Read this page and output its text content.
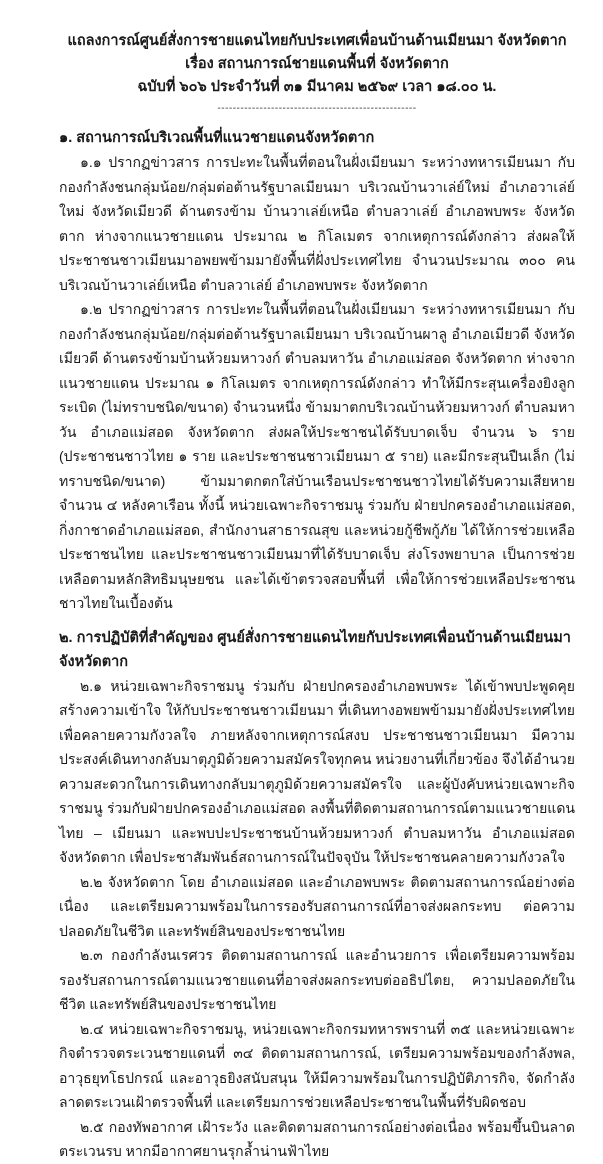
แถลงการณ์ศูนย์สั่งการชายแดนไทยกับประเทศเพื่อนบ้านด้านเมียนมา จังหวัดตาก
เรื่อง สถานการณ์ชายแดนพื้นที่ จังหวัดตาก
ฉบับที่ ๖๐๖ ประจำวันที่ ๓๑ มีนาคม ๒๕๖๙ เวลา ๑๘.๐๐ น.
----------------------------------------------------
๑. สถานการณ์บริเวณพื้นที่แนวชายแดนจังหวัดตาก

๑.๑ ปรากฏข่าวสาร การปะทะในพื้นที่ตอนในฝั่งเมียนมา ระหว่างทหารเมียนมา กับกองกำลังชนกลุ่มน้อย/กลุ่มต่อต้านรัฐบาลเมียนมา บริเวณบ้านวาเล่ย์ใหม่ อำเภอวาเล่ย์ใหม่ จังหวัดเมียวดี ด้านตรงข้าม บ้านวาเล่ย์เหนือ ตำบลวาเล่ย์ อำเภอพบพระ จังหวัดตาก ห่างจากแนวชายแดน ประมาณ ๒ กิโลเมตร จากเหตุการณ์ดังกล่าว ส่งผลให้ประชาชนชาวเมียนมาอพยพข้ามมายังพื้นที่ฝั่งประเทศไทย จำนวนประมาณ ๓๐๐ คน บริเวณบ้านวาเล่ย์เหนือ ตำบลวาเล่ย์ อำเภอพบพระ จังหวัดตาก

๑.๒ ปรากฏข่าวสาร การปะทะในพื้นที่ตอนในฝั่งเมียนมา ระหว่างทหารเมียนมา กับกองกำลังชนกลุ่มน้อย/กลุ่มต่อต้านรัฐบาลเมียนมา บริเวณบ้านผาลู อำเภอเมียวดี จังหวัดเมียวดี ด้านตรงข้ามบ้านห้วยมหาวงก์ ตำบลมหาวัน อำเภอแม่สอด จังหวัดตาก ห่างจากแนวชายแดน ประมาณ ๑ กิโลเมตร จากเหตุการณ์ดังกล่าว ทำให้มีกระสุนเครื่องยิงลูกระเบิด (ไม่ทราบชนิด/ขนาด) จำนวนหนึ่ง ข้ามมาตกบริเวณบ้านห้วยมหาวงก์ ตำบลมหาวัน อำเภอแม่สอด จังหวัดตาก ส่งผลให้ประชาชนได้รับบาดเจ็บ จำนวน ๖ ราย (ประชาชนชาวไทย ๑ ราย และประชาชนชาวเมียนมา ๕ ราย) และมีกระสุนปืนเล็ก (ไม่ทราบชนิด/ขนาด) ข้ามมาตกตกใส่บ้านเรือนประชาชนชาวไทยได้รับความเสียหาย จำนวน ๔ หลังคาเรือน ทั้งนี้ หน่วยเฉพาะกิจราชมนู ร่วมกับ ฝ่ายปกครองอำเภอแม่สอด, กิ่งกาชาดอำเภอแม่สอด, สำนักงานสาธารณสุข และหน่วยกู้ชีพกู้ภัย ได้ให้การช่วยเหลือประชาชนไทย และประชาชนชาวเมียนมาที่ได้รับบาดเจ็บ ส่งโรงพยาบาล เป็นการช่วยเหลือตามหลักสิทธิมนุษยชน และได้เข้าตรวจสอบพื้นที่ เพื่อให้การช่วยเหลือประชาชนชาวไทยในเบื้องต้น

๒. การปฏิบัติที่สำคัญของ ศูนย์สั่งการชายแดนไทยกับประเทศเพื่อนบ้านด้านเมียนมา จังหวัดตาก

๒.๑ หน่วยเฉพาะกิจราชมนู ร่วมกับ ฝ่ายปกครองอำเภอพบพระ ได้เข้าพบปะพูดคุยสร้างความเข้าใจ ให้กับประชาชนชาวเมียนมา ที่เดินทางอพยพข้ามมายังฝั่งประเทศไทย เพื่อคลายความกังวลใจ ภายหลังจากเหตุการณ์สงบ ประชาชนชาวเมียนมา มีความประสงค์เดินทางกลับมาตุภูมิด้วยความสมัครใจทุกคน หน่วยงานที่เกี่ยวข้อง จึงได้อำนวยความสะดวกในการเดินทางกลับมาตุภูมิด้วยความสมัครใจ และผู้บังคับหน่วยเฉพาะกิจราชมนู ร่วมกับฝ่ายปกครองอำเภอแม่สอด ลงพื้นที่ติดตามสถานการณ์ตามแนวชายแดนไทย – เมียนมา และพบปะประชาชนบ้านห้วยมหาวงก์ ตำบลมหาวัน อำเภอแม่สอด จังหวัดตาก เพื่อประชาสัมพันธ์สถานการณ์ในปัจจุบัน ให้ประชาชนคลายความกังวลใจ

๒.๒ จังหวัดตาก โดย อำเภอแม่สอด และอำเภอพบพระ ติดตามสถานการณ์อย่างต่อเนื่อง และเตรียมความพร้อมในการรองรับสถานการณ์ที่อาจส่งผลกระทบ ต่อความปลอดภัยในชีวิต และทรัพย์สินของประชาชนไทย

๒.๓ กองกำลังนเรศวร ติดตามสถานการณ์ และอำนวยการ เพื่อเตรียมความพร้อมรองรับสถานการณ์ตามแนวชายแดนที่อาจส่งผลกระทบต่ออธิปไตย, ความปลอดภัยในชีวิต และทรัพย์สินของประชาชนไทย

๒.๔ หน่วยเฉพาะกิจราชมนู, หน่วยเฉพาะกิจกรมทหารพรานที่ ๓๕ และหน่วยเฉพาะกิจตำรวจตระเวนชายแดนที่ ๓๔ ติดตามสถานการณ์, เตรียมความพร้อมของกำลังพล, อาวุธยุทโธปกรณ์ และอาวุธยิงสนับสนุน ให้มีความพร้อมในการปฏิบัติภารกิจ, จัดกำลังลาดตระเวนเฝ้าตรวจพื้นที่ และเตรียมการช่วยเหลือประชาชนในพื้นที่รับผิดชอบ

๒.๕ กองทัพอากาศ เฝ้าระวัง และติดตามสถานการณ์อย่างต่อเนื่อง พร้อมขึ้นบินลาดตระเวนรบ หากมีอากาศยานรุกล้ำน่านฟ้าไทย
